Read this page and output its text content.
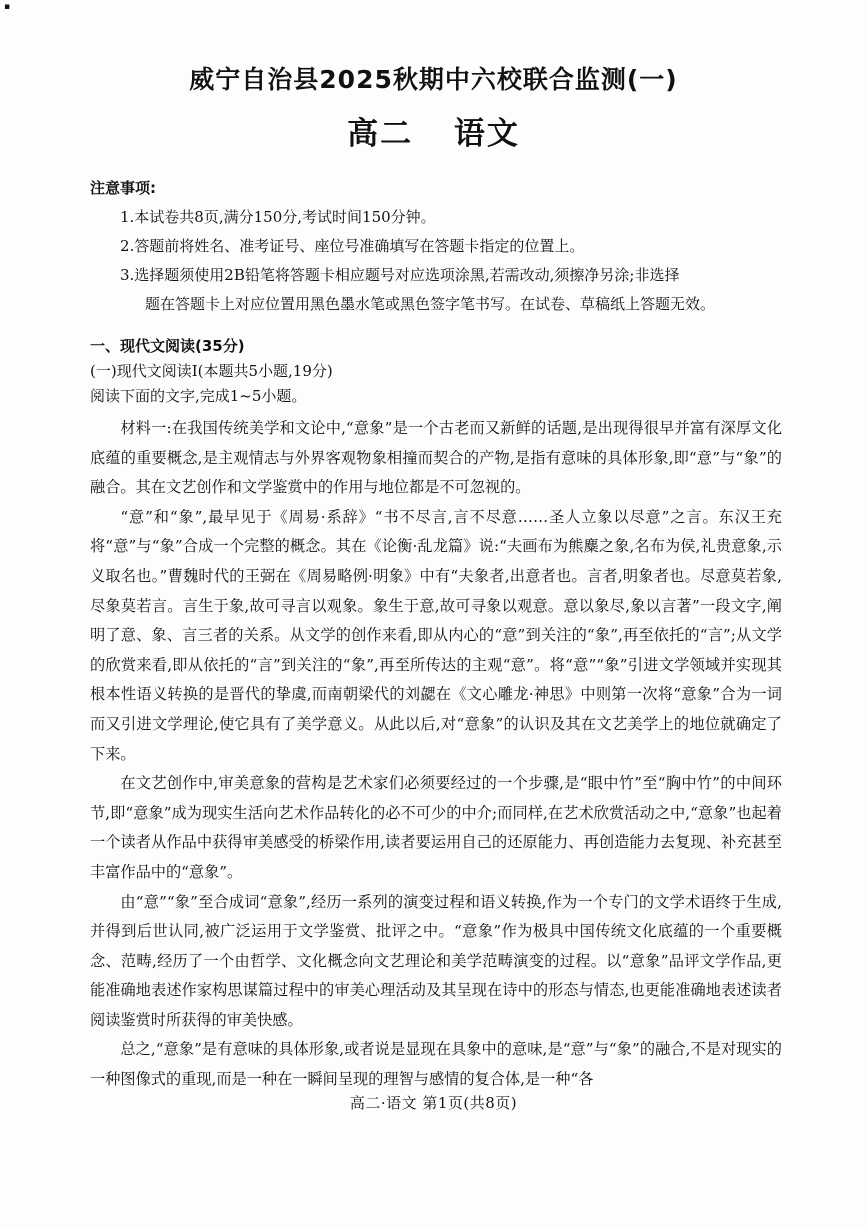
▪
威宁自治县2025秋期中六校联合监测(一)
高二 语文
注意事项:
1.本试卷共8页,满分150分,考试时间150分钟。
2.答题前将姓名、准考证号、座位号准确填写在答题卡指定的位置上。
3.选择题须使用2B铅笔将答题卡相应题号对应选项涂黑,若需改动,须擦净另涂;非选择
题在答题卡上对应位置用黑色墨水笔或黑色签字笔书写。在试卷、草稿纸上答题无效。
一、现代文阅读(35分)
(一)现代文阅读Ⅰ(本题共5小题,19分)
阅读下面的文字,完成1~5小题。

材料一:在我国传统美学和文论中,“意象”是一个古老而又新鲜的话题,是出现得很早并富有深厚文化底蕴的重要概念,是主观情志与外界客观物象相撞而契合的产物,是指有意味的具体形象,即“意”与“象”的融合。其在文艺创作和文学鉴赏中的作用与地位都是不可忽视的。

“意”和“象”,最早见于《周易·系辞》“书不尽言,言不尽意……圣人立象以尽意”之言。东汉王充将“意”与“象”合成一个完整的概念。其在《论衡·乱龙篇》说:“夫画布为熊麋之象,名布为侯,礼贵意象,示义取名也。”曹魏时代的王弼在《周易略例·明象》中有“夫象者,出意者也。言者,明象者也。尽意莫若象,尽象莫若言。言生于象,故可寻言以观象。象生于意,故可寻象以观意。意以象尽,象以言著”一段文字,阐明了意、象、言三者的关系。从文学的创作来看,即从内心的“意”到关注的“象”,再至依托的“言”;从文学的欣赏来看,即从依托的“言”到关注的“象”,再至所传达的主观“意”。将“意”“象”引进文学领域并实现其根本性语义转换的是晋代的挚虞,而南朝梁代的刘勰在《文心雕龙·神思》中则第一次将“意象”合为一词而又引进文学理论,使它具有了美学意义。从此以后,对“意象”的认识及其在文艺美学上的地位就确定了下来。

在文艺创作中,审美意象的营构是艺术家们必须要经过的一个步骤,是“眼中竹”至“胸中竹”的中间环节,即“意象”成为现实生活向艺术作品转化的必不可少的中介;而同样,在艺术欣赏活动之中,“意象”也起着一个读者从作品中获得审美感受的桥梁作用,读者要运用自己的还原能力、再创造能力去复现、补充甚至丰富作品中的“意象”。

由“意”“象”至合成词“意象”,经历一系列的演变过程和语义转换,作为一个专门的文学术语终于生成,并得到后世认同,被广泛运用于文学鉴赏、批评之中。“意象”作为极具中国传统文化底蕴的一个重要概念、范畴,经历了一个由哲学、文化概念向文艺理论和美学范畴演变的过程。以“意象”品评文学作品,更能准确地表述作家构思谋篇过程中的审美心理活动及其呈现在诗中的形态与情态,也更能准确地表述读者阅读鉴赏时所获得的审美快感。

总之,“意象”是有意味的具体形象,或者说是显现在具象中的意味,是“意”与“象”的融合,不是对现实的一种图像式的重现,而是一种在一瞬间呈现的理智与感情的复合体,是一种“各

高二·语文 第1页(共8页)
